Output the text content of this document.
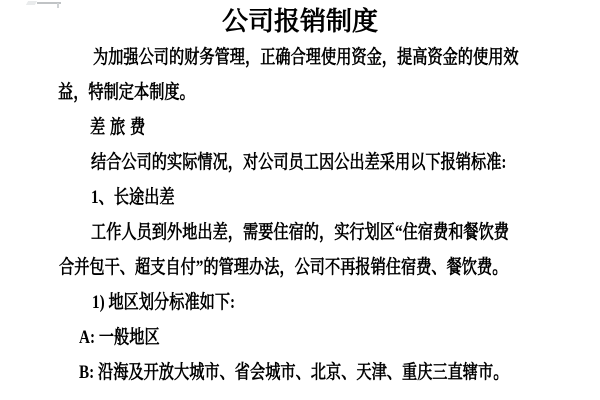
公司报销制度

为加强公司的财务管理，正确合理使用资金，提高资金的使用效

益，特制定本制度。

差旅费

结合公司的实际情况，对公司员工因公出差采用以下报销标准:

1、长途出差

工作人员到外地出差，需要住宿的，实行划区“住宿费和餐饮费

合并包干、超支自付”的管理办法，公司不再报销住宿费、餐饮费。

1) 地区划分标准如下:

A: 一般地区

B: 沿海及开放大城市、省会城市、北京、天津、重庆三直辖市。
